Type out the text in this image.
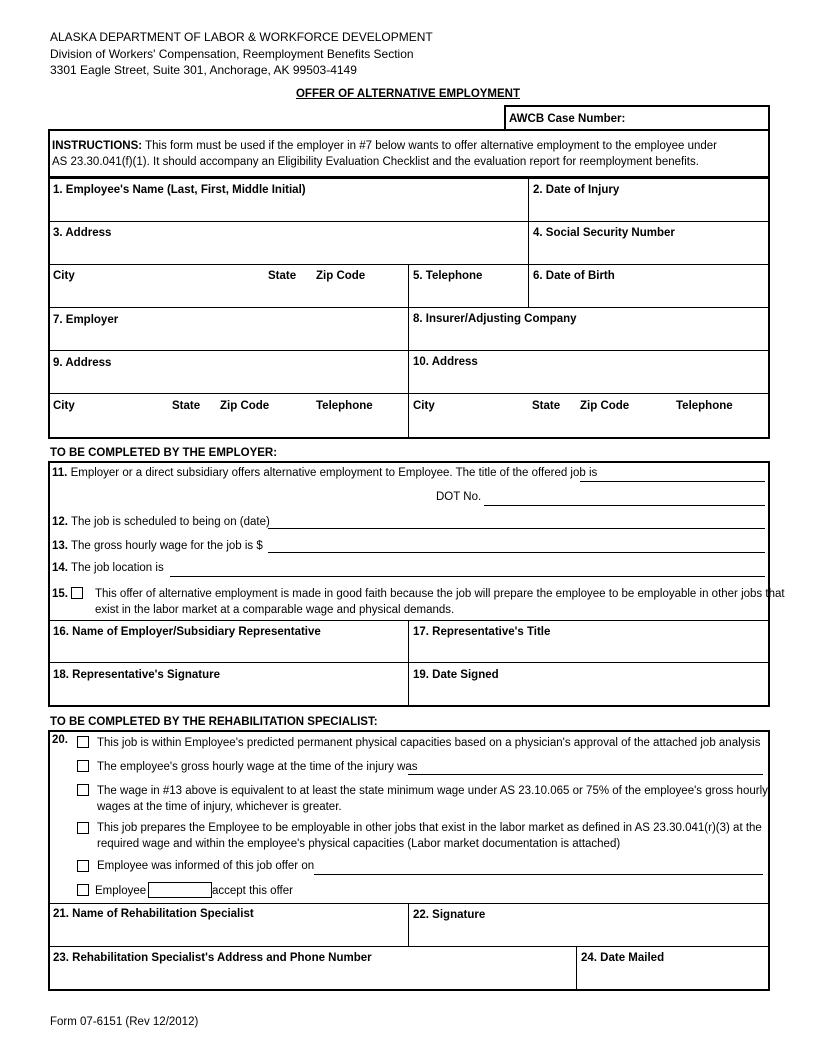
ALASKA DEPARTMENT OF LABOR & WORKFORCE DEVELOPMENT
Division of Workers' Compensation, Reemployment Benefits Section
3301 Eagle Street, Suite 301, Anchorage, AK 99503-4149
OFFER OF ALTERNATIVE EMPLOYMENT
AWCB Case Number:
INSTRUCTIONS: This form must be used if the employer in #7 below wants to offer alternative employment to the employee under
AS 23.30.041(f)(1). It should accompany an Eligibility Evaluation Checklist and the evaluation report for reemployment benefits.
1. Employee's Name (Last, First, Middle Initial)	2. Date of Injury
3. Address	4. Social Security Number
City	State Zip Code	5. Telephone	6. Date of Birth
7. Employer	8. Insurer/Adjusting Company
9. Address	10. Address
City	State Zip Code	Telephone	City	State Zip Code	Telephone
TO BE COMPLETED BY THE EMPLOYER:
11. Employer or a direct subsidiary offers alternative employment to Employee. The title of the offered job is
DOT No.
12. The job is scheduled to being on (date)
13. The gross hourly wage for the job is $
14. The job location is
15. This offer of alternative employment is made in good faith because the job will prepare the employee to be employable in other jobs that
exist in the labor market at a comparable wage and physical demands.
16. Name of Employer/Subsidiary Representative	17. Representative's Title
18. Representative's Signature	19. Date Signed
TO BE COMPLETED BY THE REHABILITATION SPECIALIST:
20.	This job is within Employee's predicted permanent physical capacities based on a physician's approval of the attached job analysis
The employee's gross hourly wage at the time of the injury was
The wage in #13 above is equivalent to at least the state minimum wage under AS 23.10.065 or 75% of the employee's gross hourly
wages at the time of injury, whichever is greater.
This job prepares the Employee to be employable in other jobs that exist in the labor market as defined in AS 23.30.041(r)(3) at the
required wage and within the employee's physical capacities (Labor market documentation is attached)
Employee was informed of this job offer on
Employee	accept this offer
21. Name of Rehabilitation Specialist	22. Signature
23. Rehabilitation Specialist's Address and Phone Number	24. Date Mailed
Form 07-6151 (Rev 12/2012)
